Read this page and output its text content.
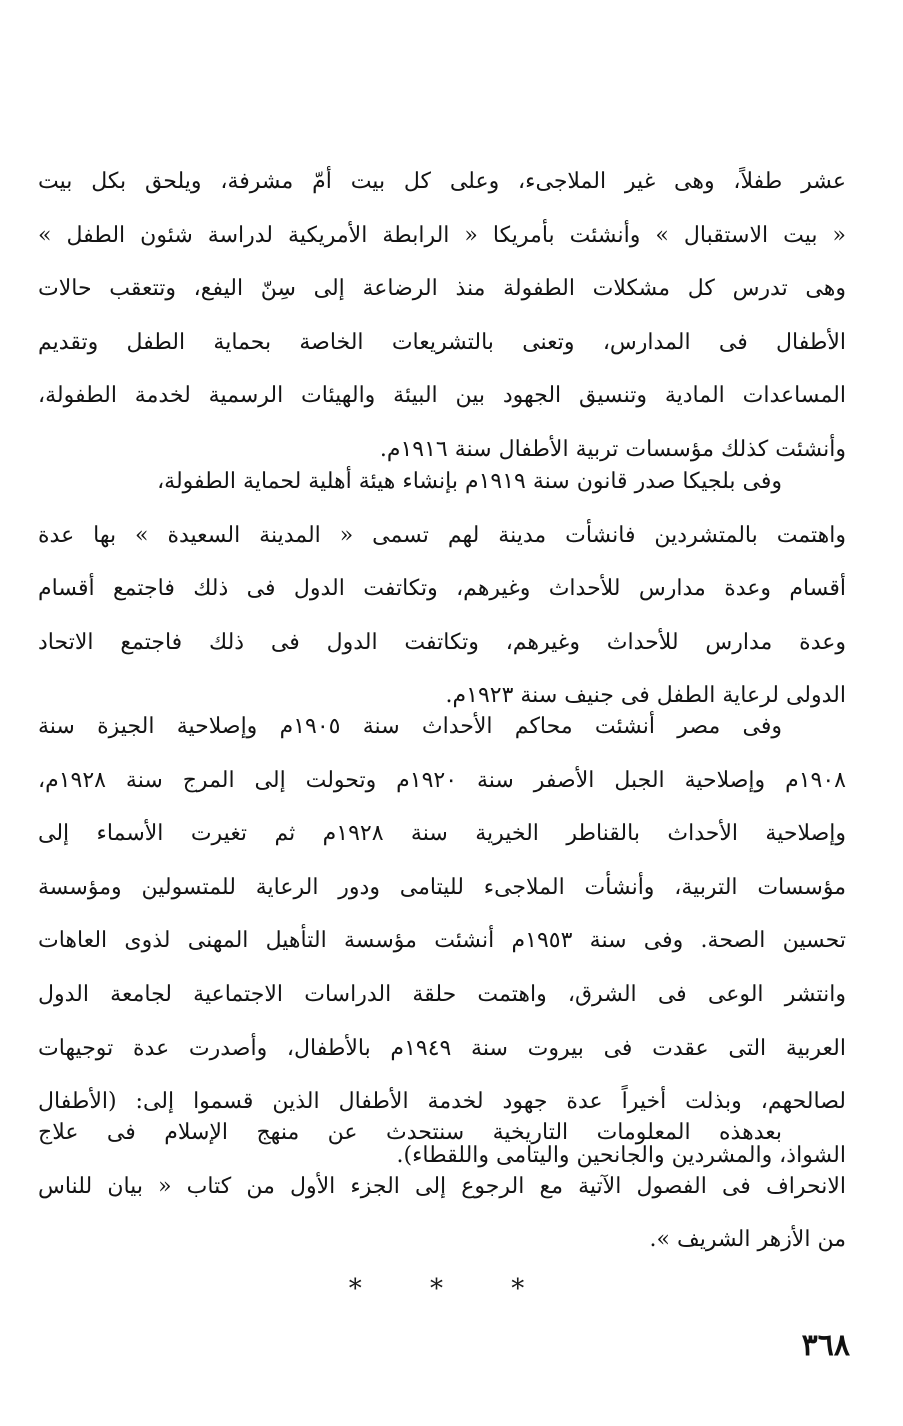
عشر طفلاً، وهى غير الملاجىء، وعلى كل بيت أمّ مشرفة، ويلحق بكل بيت
« بيت الاستقبال » وأنشئت بأمريكا « الرابطة الأمريكية لدراسة شئون الطفل »
وهى تدرس كل مشكلات الطفولة منذ الرضاعة إلى سِنّ اليفع، وتتعقب حالات
الأطفال فى المدارس، وتعنى بالتشريعات الخاصة بحماية الطفل وتقديم
المساعدات المادية وتنسيق الجهود بين البيئة والهيئات الرسمية لخدمة الطفولة،
وأنشئت كذلك مؤسسات تربية الأطفال سنة ١٩١٦م.
وفى بلجيكا صدر قانون سنة ١٩١٩م بإنشاء هيئة أهلية لحماية الطفولة،
واهتمت بالمتشردين فانشأت مدينة لهم تسمى « المدينة السعيدة » بها عدة
أقسام وعدة مدارس للأحداث وغيرهم، وتكاتفت الدول فى ذلك فاجتمع أقسام
وعدة مدارس للأحداث وغيرهم، وتكاتفت الدول فى ذلك فاجتمع الاتحاد
الدولى لرعاية الطفل فى جنيف سنة ١٩٢٣م.
وفى مصر أنشئت محاكم الأحداث سنة ١٩٠٥م وإصلاحية الجيزة سنة
١٩٠٨م وإصلاحية الجبل الأصفر سنة ١٩٢٠م وتحولت إلى المرج سنة ١٩٢٨م،
وإصلاحية الأحداث بالقناطر الخيرية سنة ١٩٢٨م ثم تغيرت الأسماء إلى
مؤسسات التربية، وأنشأت الملاجىء لليتامى ودور الرعاية للمتسولين ومؤسسة
تحسين الصحة. وفى سنة ١٩٥٣م أنشئت مؤسسة التأهيل المهنى لذوى العاهات
وانتشر الوعى فى الشرق، واهتمت حلقة الدراسات الاجتماعية لجامعة الدول
العربية التى عقدت فى بيروت سنة ١٩٤٩م بالأطفال، وأصدرت عدة توجيهات
لصالحهم، وبذلت أخيراً عدة جهود لخدمة الأطفال الذين قسموا إلى: (الأطفال
الشواذ، والمشردين والجانحين واليتامى واللقطاء).
بعدهذه المعلومات التاريخية سنتحدث عن منهج الإسلام فى علاج
الانحراف فى الفصول الآتية مع الرجوع إلى الجزء الأول من كتاب « بيان للناس
من الأزهر الشريف ».
* * *
٣٦٨
